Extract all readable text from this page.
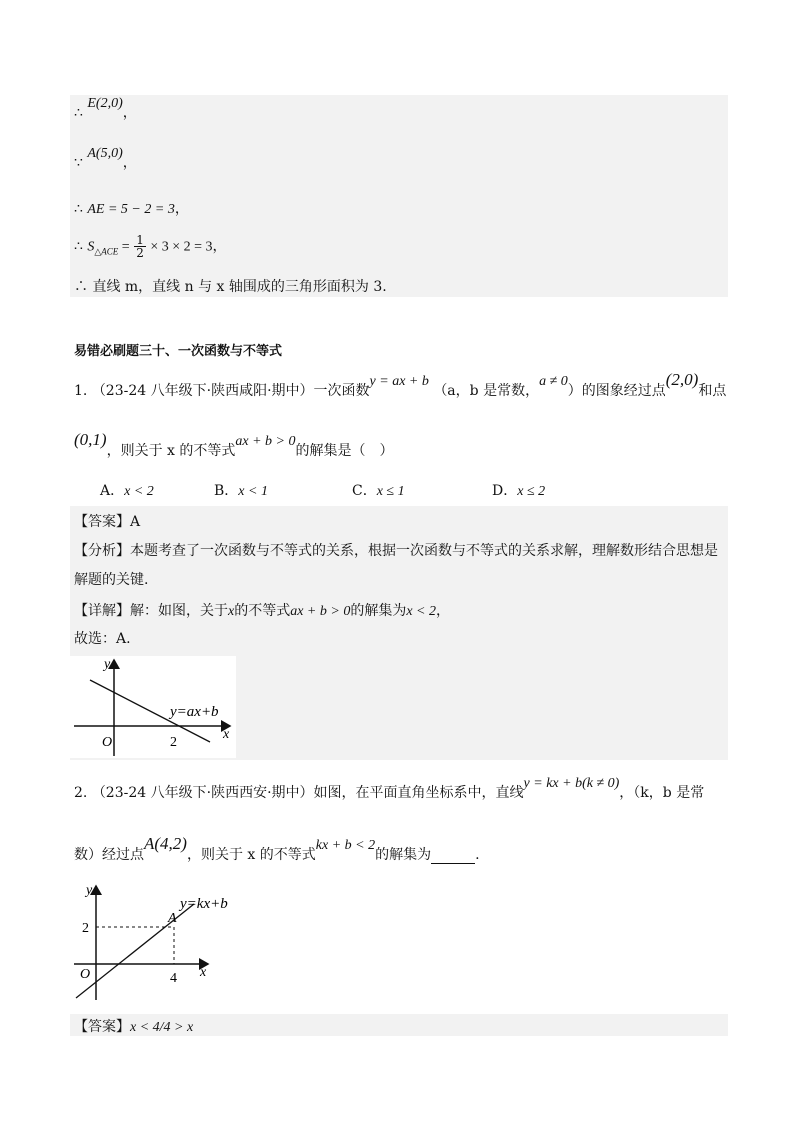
∴ E(2,0)，
∵ A(5,0)，
∴ AE = 5 − 2 = 3，
∴ $S_{\triangle ACE} = \frac{1}{2} \times 3 \times 2 = 3$，
∴ 直线 m，直线 n 与 x 轴围成的三角形面积为 3.
易错必刷题三十、一次函数与不等式
1. （23-24 八年级下·陕西咸阳·期中）一次函数y = ax + b （a，b 是常数，a ≠ 0）的图象经过点(2,0)和点
(0,1)，则关于 x 的不等式ax + b > 0的解集是（　）
A．x < 2	B．x < 1	C．x ≤ 1	D．x ≤ 2
【答案】A
【分析】本题考查了一次函数与不等式的关系，根据一次函数与不等式的关系求解，理解数形结合思想是
解题的关键.
【详解】解：如图，关于x的不等式ax + b > 0的解集为x < 2，
故选：A.
y
x
O	2
y=ax+b
2. （23-24 八年级下·陕西西安·期中）如图，在平面直角坐标系中，直线y = kx + b(k ≠ 0)，（k，b 是常
数）经过点A(4,2)，则关于 x 的不等式kx + b < 2的解集为	.
y
x
O
2
4
A
y=kx+b
【答案】x < 4/4 > x
